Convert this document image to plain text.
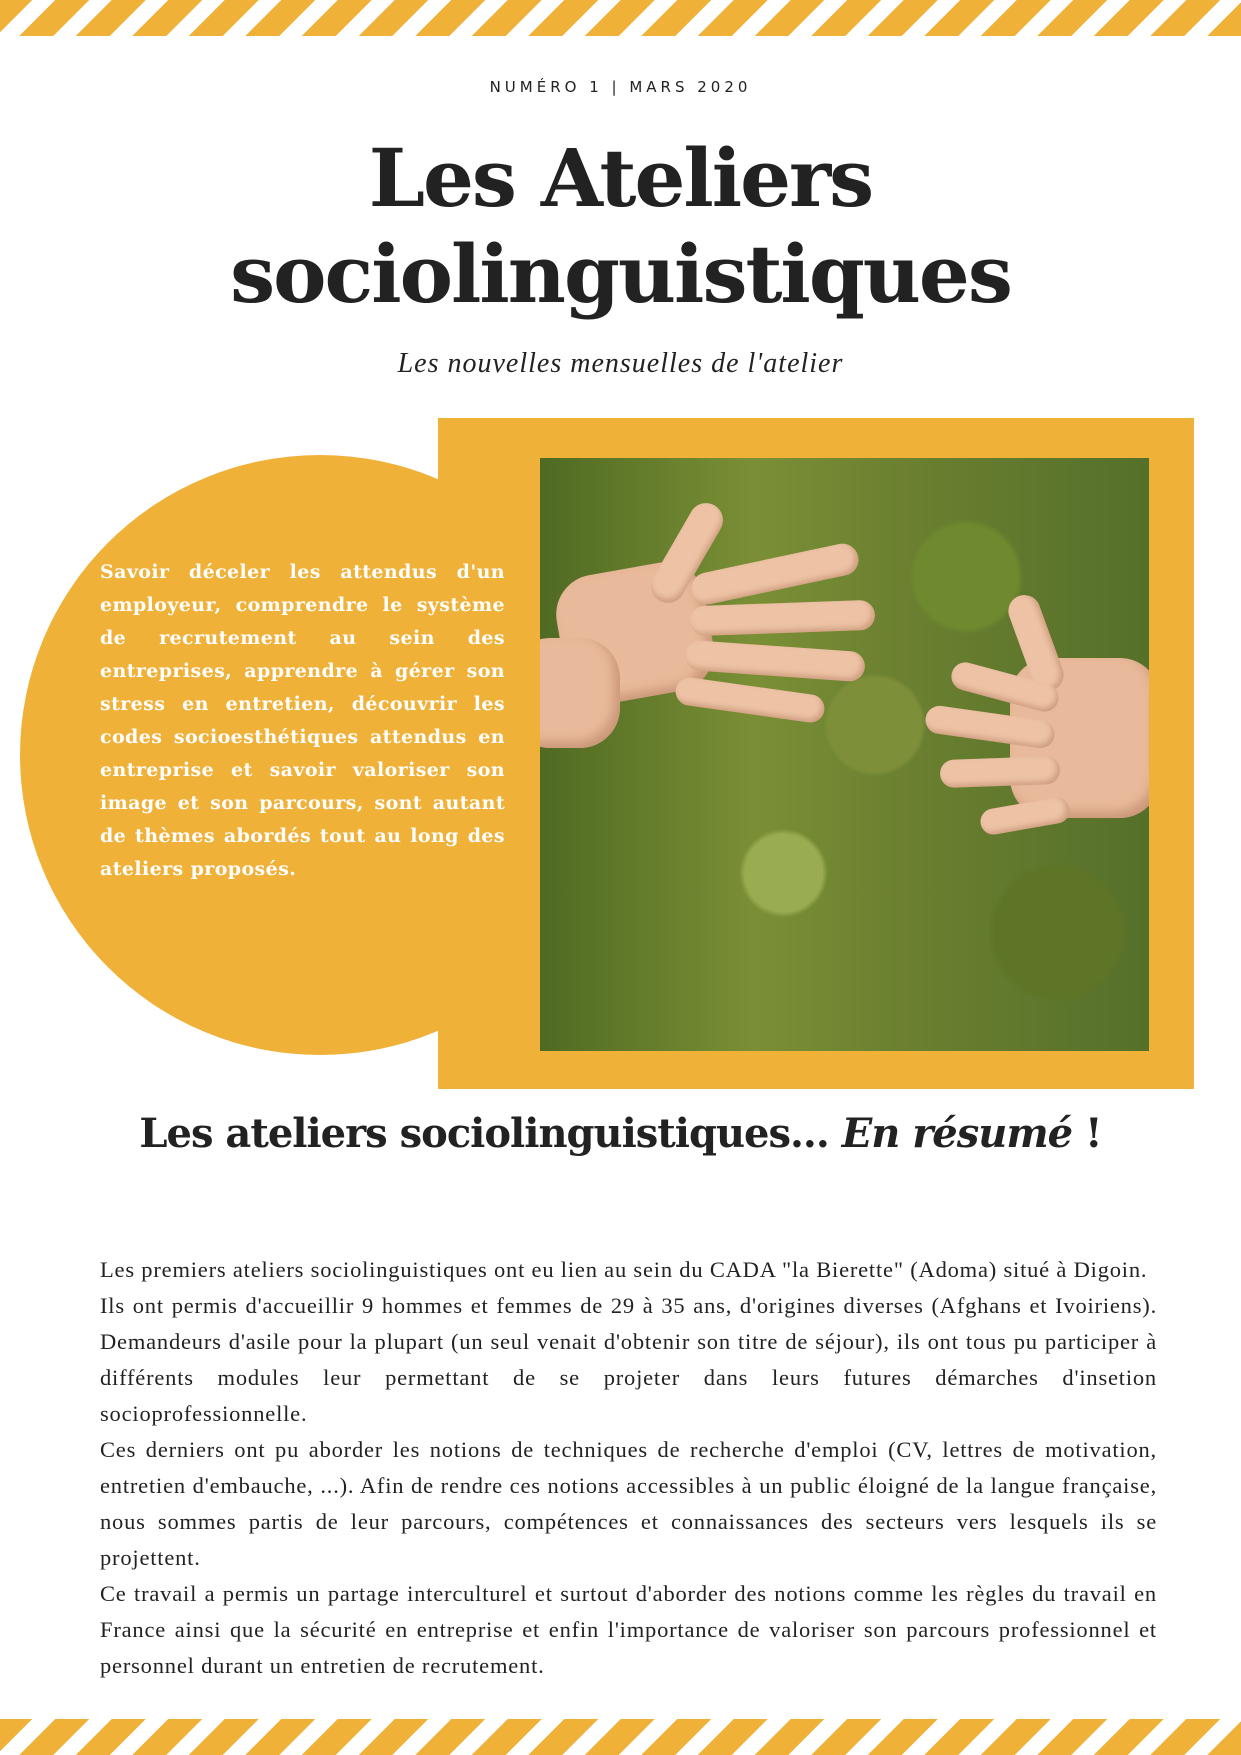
NUMÉRO 1 | MARS 2020
Les Ateliers
sociolinguistiques
Les nouvelles mensuelles de l'atelier
Savoir déceler les attendus d'un employeur, comprendre le système de recrutement au sein des entreprises, apprendre à gérer son stress en entretien, découvrir les codes socioesthétiques attendus en entreprise et savoir valoriser son image et son parcours, sont autant de thèmes abordés tout au long des ateliers proposés.
Les ateliers sociolinguistiques... En résumé !

Les premiers ateliers sociolinguistiques ont eu lien au sein du CADA "la Bierette" (Adoma) situé à Digoin.

Ils ont permis d'accueillir 9 hommes et femmes de 29 à 35 ans, d'origines diverses (Afghans et Ivoiriens). Demandeurs d'asile pour la plupart (un seul venait d'obtenir son titre de séjour), ils ont tous pu participer à différents modules leur permettant de se projeter dans leurs futures démarches d'insetion socioprofessionnelle.

Ces derniers ont pu aborder les notions de techniques de recherche d'emploi (CV, lettres de motivation, entretien d'embauche, ...). Afin de rendre ces notions accessibles à un public éloigné de la langue française, nous sommes partis de leur parcours, compétences et connaissances des secteurs vers lesquels ils se projettent.

Ce travail a permis un partage interculturel et surtout d'aborder des notions comme les règles du travail en France ainsi que la sécurité en entreprise et enfin l'importance de valoriser son parcours professionnel et personnel durant un entretien de recrutement.
